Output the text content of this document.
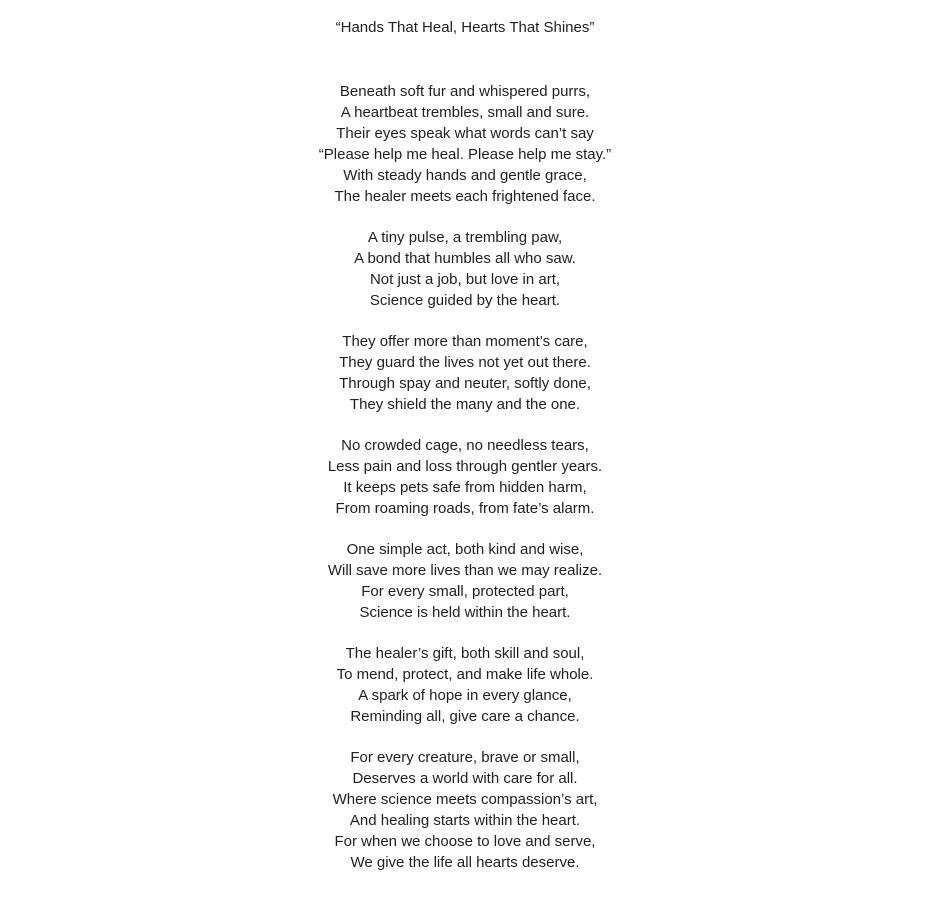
“Hands That Heal, Hearts That Shines”

Beneath soft fur and whispered purrs,
A heartbeat trembles, small and sure.
Their eyes speak what words can’t say
“Please help me heal. Please help me stay.”
With steady hands and gentle grace,
The healer meets each frightened face.
A tiny pulse, a trembling paw,
A bond that humbles all who saw.
Not just a job, but love in art,
Science guided by the heart.
They offer more than moment’s care,
They guard the lives not yet out there.
Through spay and neuter, softly done,
They shield the many and the one.
No crowded cage, no needless tears,
Less pain and loss through gentler years.
It keeps pets safe from hidden harm,
From roaming roads, from fate’s alarm.
One simple act, both kind and wise,
Will save more lives than we may realize.
For every small, protected part,
Science is held within the heart.
The healer’s gift, both skill and soul,
To mend, protect, and make life whole.
A spark of hope in every glance,
Reminding all, give care a chance.
For every creature, brave or small,
Deserves a world with care for all.
Where science meets compassion’s art,
And healing starts within the heart.
For when we choose to love and serve,
We give the life all hearts deserve.
